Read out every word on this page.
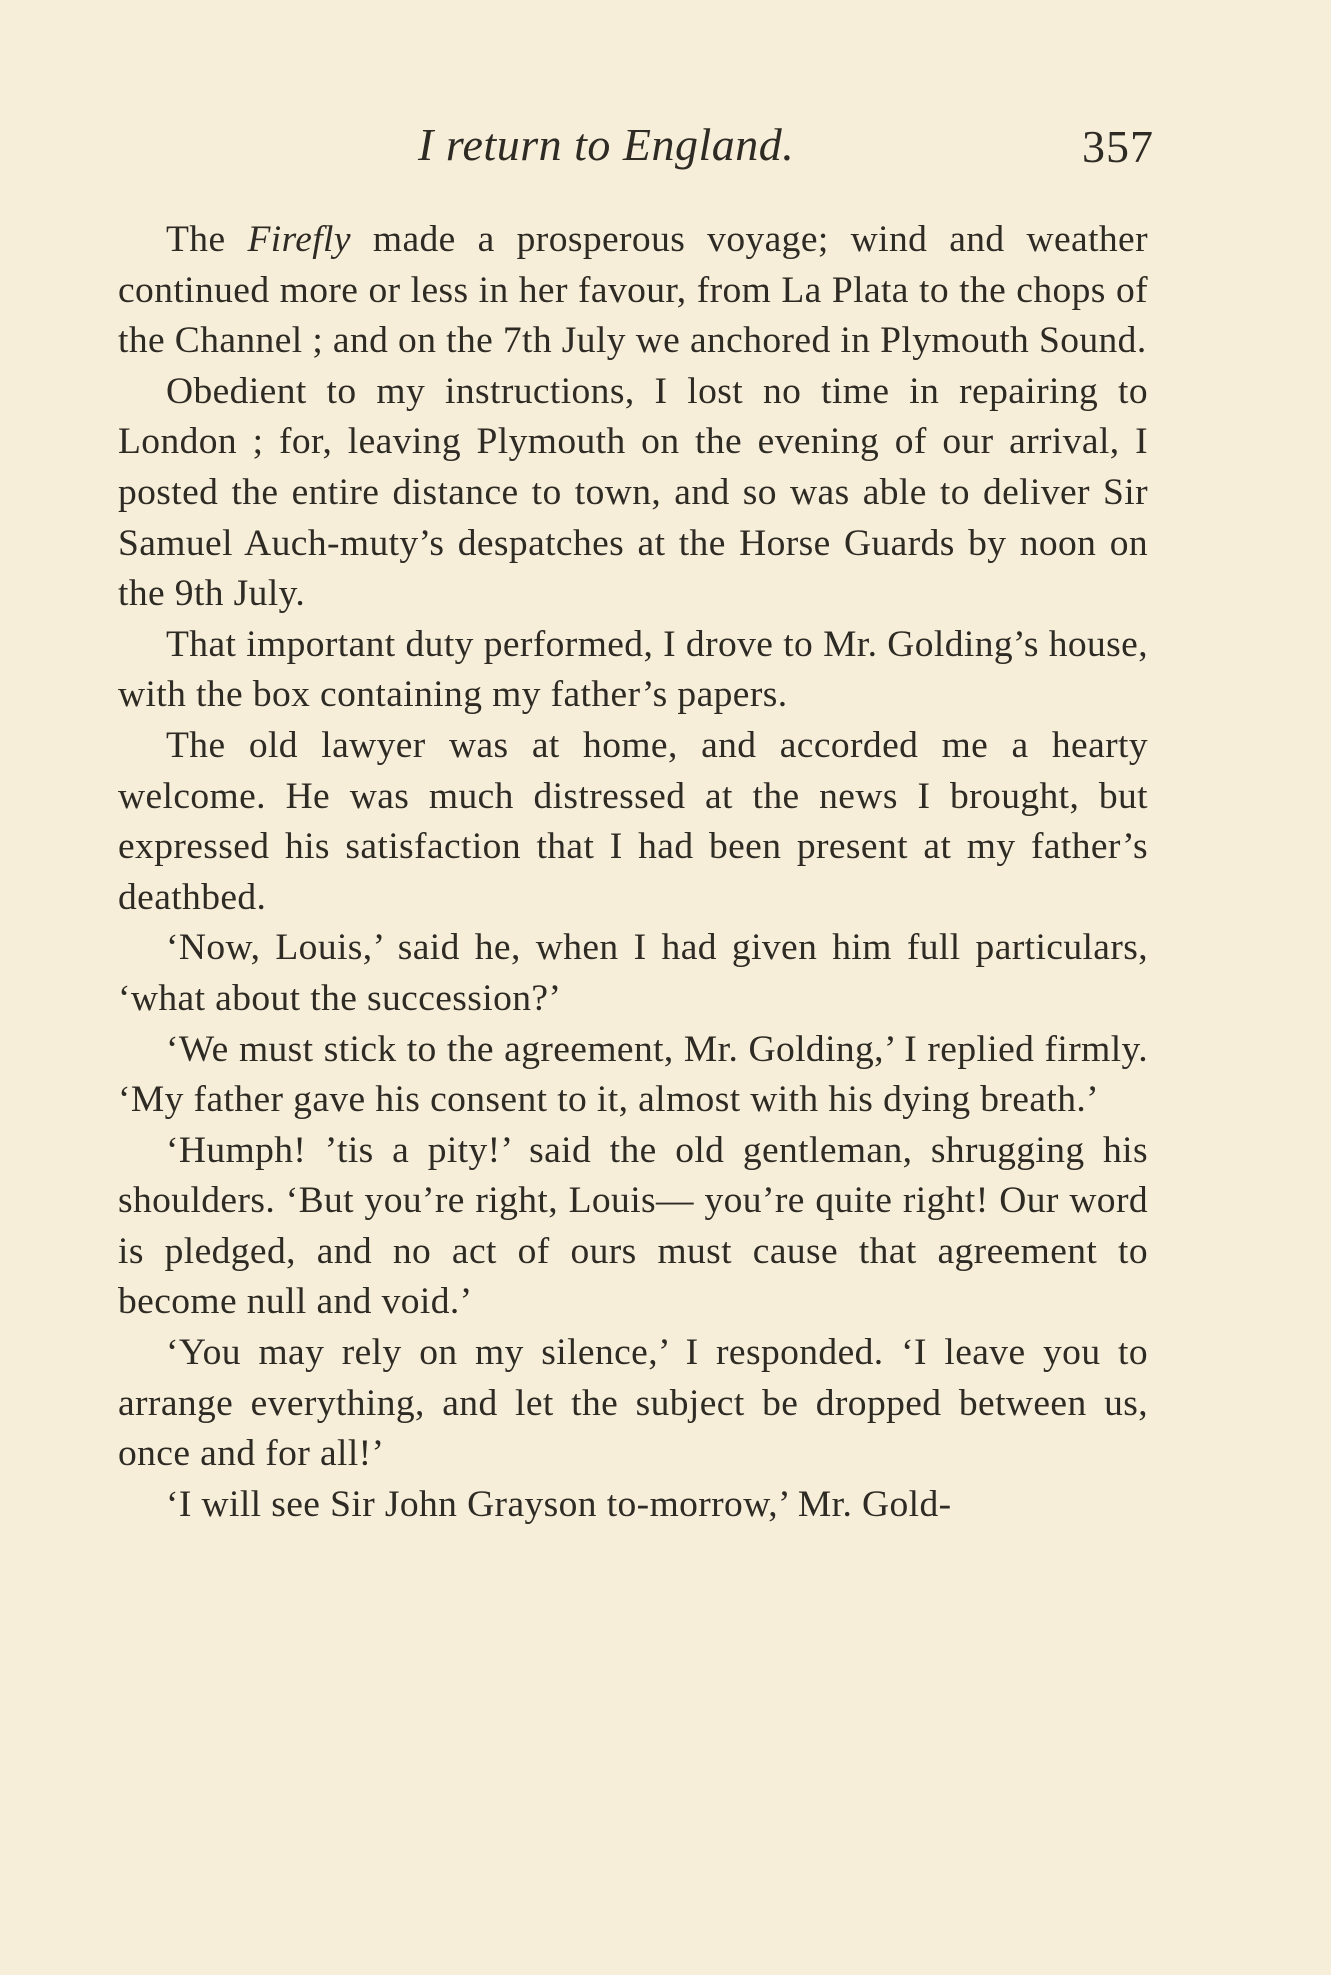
I return to England.	357

The Firefly made a prosperous voyage; wind and weather continued more or less in her favour, from La Plata to the chops of the Channel ; and on the 7th July we anchored in Plymouth Sound.

Obedient to my instructions, I lost no time in repairing to London ; for, leaving Plymouth on the evening of our arrival, I posted the entire distance to town, and so was able to deliver Sir Samuel Auch-muty’s despatches at the Horse Guards by noon on the 9th July.

That important duty performed, I drove to Mr. Golding’s house, with the box containing my father’s papers.

The old lawyer was at home, and accorded me a hearty welcome. He was much distressed at the news I brought, but expressed his satisfaction that I had been present at my father’s deathbed.

‘Now, Louis,’ said he, when I had given him full particulars, ‘what about the succession?’

‘We must stick to the agreement, Mr. Golding,’ I replied firmly. ‘My father gave his consent to it, almost with his dying breath.’

‘Humph! ’tis a pity!’ said the old gentleman, shrugging his shoulders. ‘But you’re right, Louis— you’re quite right! Our word is pledged, and no act of ours must cause that agreement to become null and void.’

‘You may rely on my silence,’ I responded. ‘I leave you to arrange everything, and let the subject be dropped between us, once and for all!’

‘I will see Sir John Grayson to-morrow,’ Mr. Gold-
